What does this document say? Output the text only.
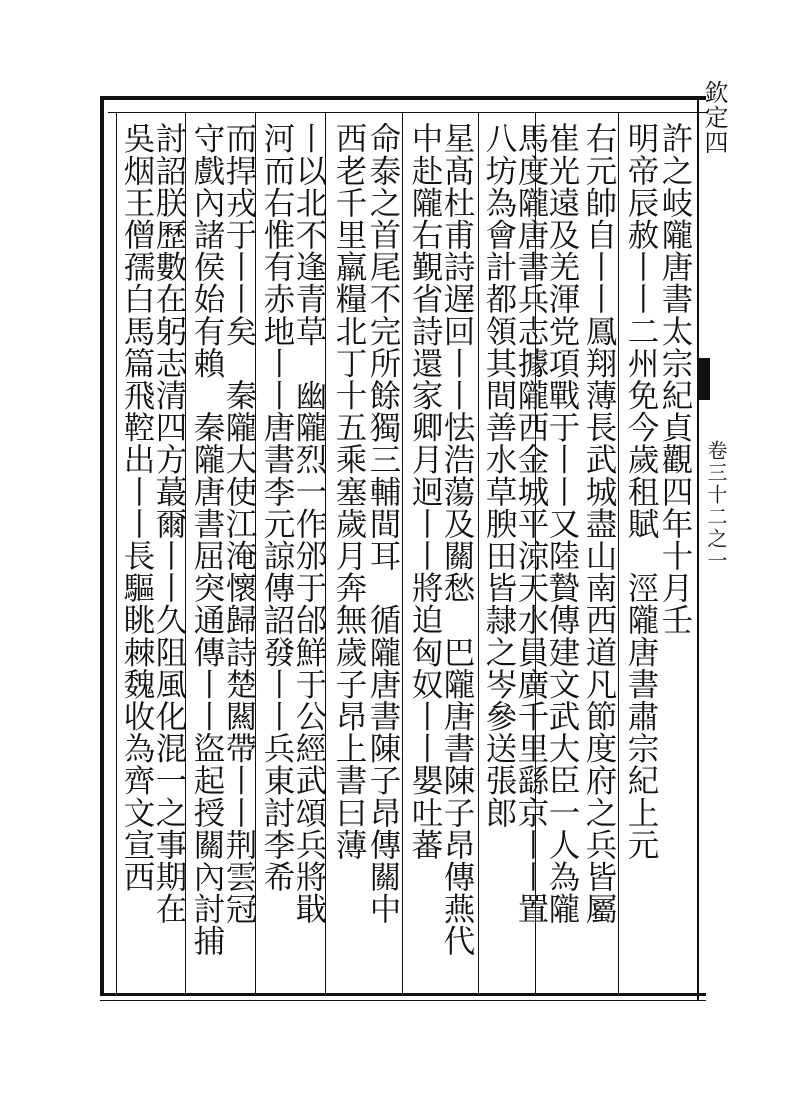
欽定四
卷三十二之一
許之岐隴唐書太宗紀貞觀四年十月壬
明帝辰赦丨丨二州免今歲租賦　涇隴唐書肅宗紀上元
右元帥自丨丨鳳翔薄長武城盡山南西道凡節度府之兵皆屬
崔光遠及羌渾党項戰于丨丨又陸贄傳建文武大臣一人為隴
馬度隴唐書兵志據隴西金城平涼天水員廣千里繇京丨丨置
八坊為會計都領其間善水草腴田皆隷之岑參送張郎
星髙杜甫詩遅回丨丨怯浩蕩及關愁　巴隴唐書陳子昂傳燕代
中赴隴右覲省詩還家卿月迥丨丨將迫匈奴丨丨嬰吐蕃
命泰之首尾不完所餘獨三輔間耳　循隴唐書陳子昂傳關中
西老千里羸糧北丁十五乘塞歲月奔無歲子昂上書曰薄
丨以北不逢青草　幽隴烈一作邠于邰鮮于公經武頌兵將戢
河而右惟有赤地丨丨唐書李元諒傳詔發丨丨兵東討李希
而捍戎于丨丨矣　秦隴大使江淹懷歸詩楚闗帶丨丨荆雲冠
守戲內諸侯始有賴　秦隴唐書屈突通傳丨丨盜起授關內討捕
討詔朕歷數在躬志清四方蕞爾丨丨久阻風化混一之事期在
吳烟王僧孺白馬篇飛鞚出丨丨長驅眺棘魏收為齊文宣西
